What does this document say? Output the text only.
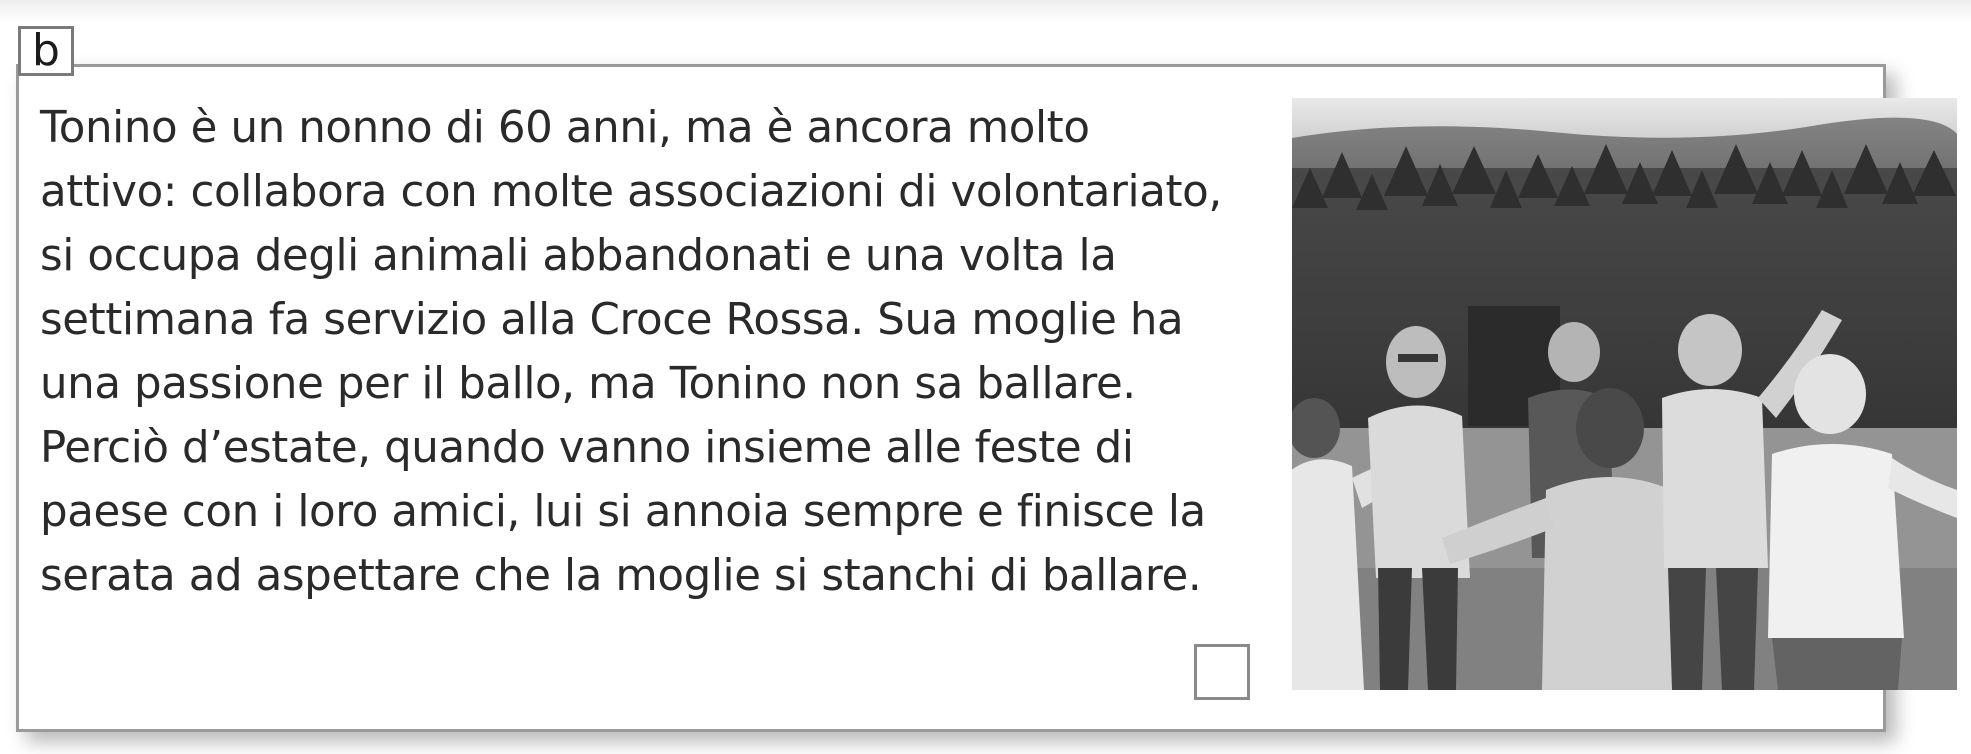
b
Tonino è un nonno di 60 anni, ma è ancora molto
attivo: collabora con molte associazioni di volontariato,
si occupa degli animali abbandonati e una volta la
settimana fa servizio alla Croce Rossa. Sua moglie ha
una passione per il ballo, ma Tonino non sa ballare.
Perciò d’estate, quando vanno insieme alle feste di
paese con i loro amici, lui si annoia sempre e finisce la
serata ad aspettare che la moglie si stanchi di ballare.
